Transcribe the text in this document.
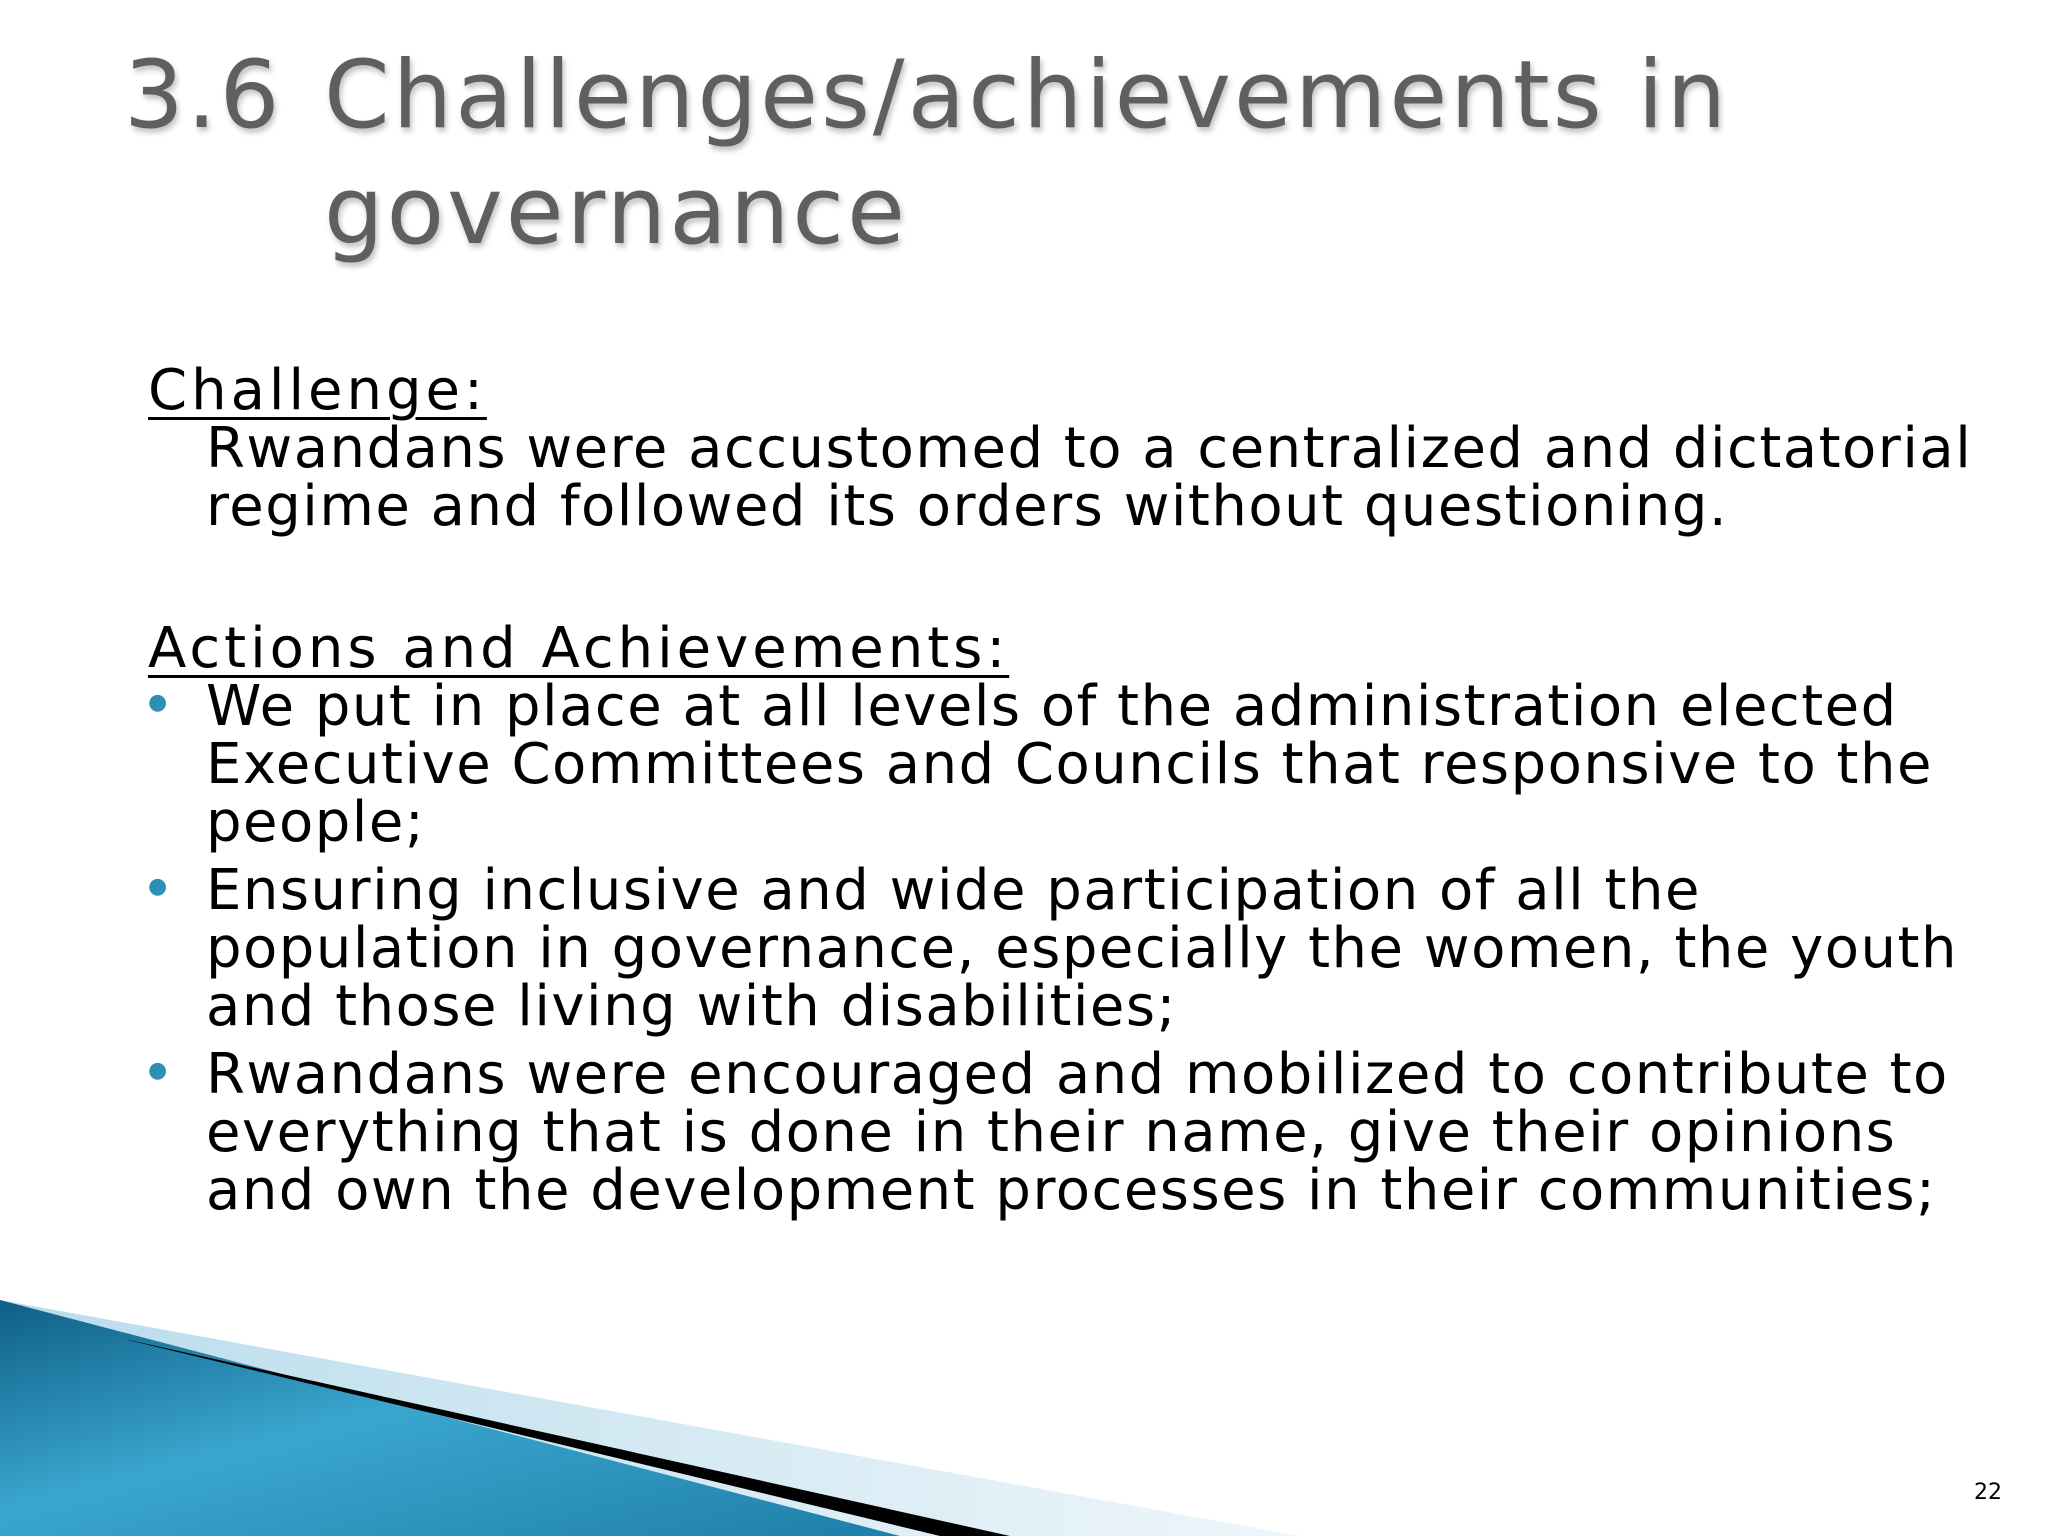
3.6 Challenges/achievements in
governance
Challenge:

Rwandans were accustomed to a centralized and dictatorial regime and followed its orders without questioning.

Actions and Achievements:
● We put in place at all levels of the administration elected Executive Committees and Councils that responsive to the people;
● Ensuring inclusive and wide participation of all the population in governance, especially the women, the youth and those living with disabilities;
● Rwandans were encouraged and mobilized to contribute to everything that is done in their name, give their opinions and own the development processes in their communities;
22
